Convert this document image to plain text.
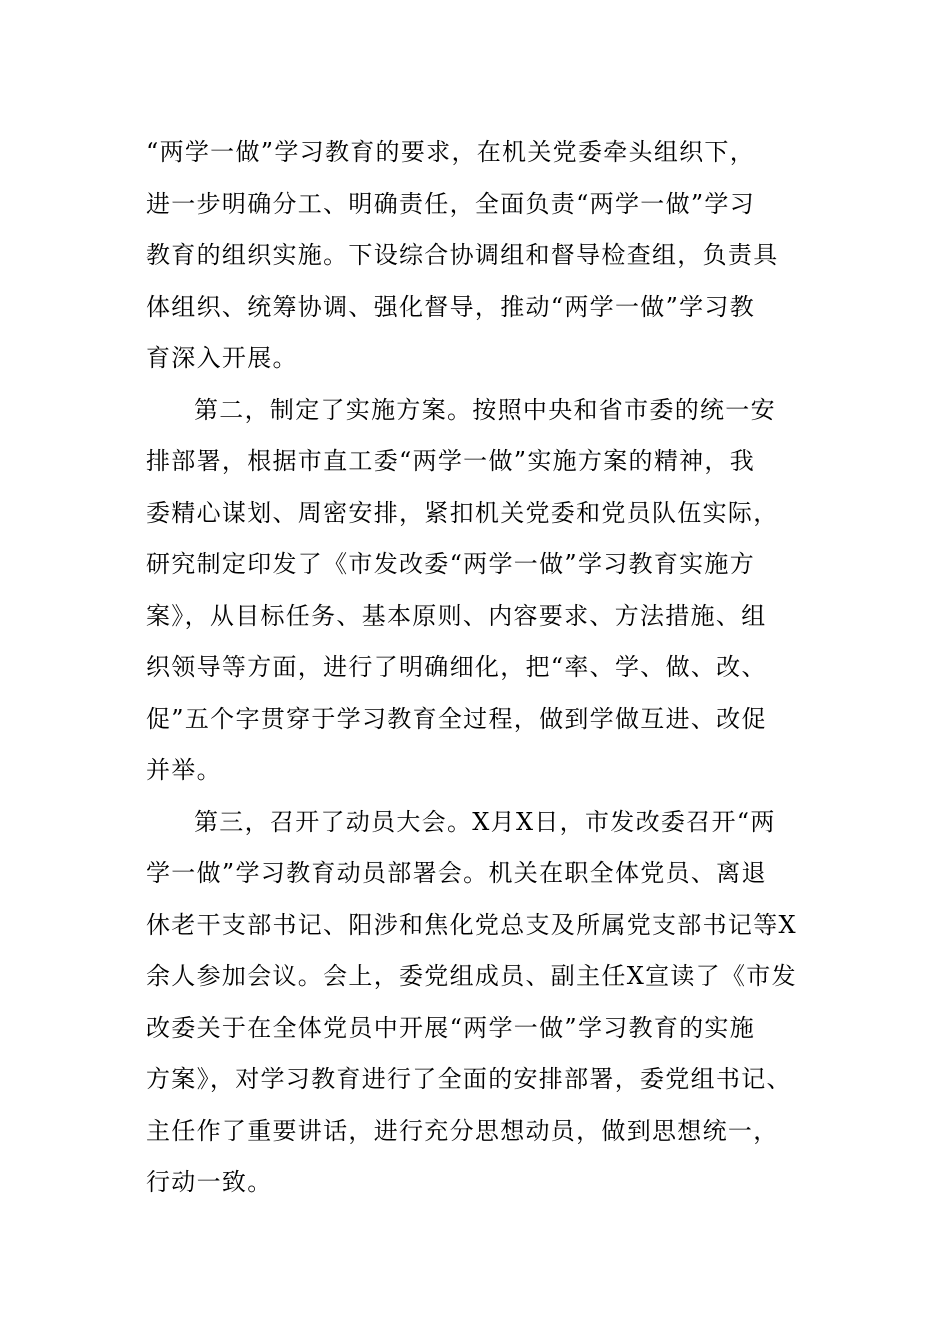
“两学一做”学习教育的要求，在机关党委牵头组织下，
进一步明确分工、明确责任，全面负责“两学一做”学习
教育的组织实施。下设综合协调组和督导检查组，负责具
体组织、统筹协调、强化督导，推动“两学一做”学习教
育深入开展。
第二，制定了实施方案。按照中央和省市委的统一安
排部署，根据市直工委“两学一做”实施方案的精神，我
委精心谋划、周密安排，紧扣机关党委和党员队伍实际，
研究制定印发了《市发改委“两学一做”学习教育实施方
案》，从目标任务、基本原则、内容要求、方法措施、组
织领导等方面，进行了明确细化，把“率、学、做、改、
促”五个字贯穿于学习教育全过程，做到学做互进、改促
并举。
第三，召开了动员大会。X月X日，市发改委召开“两
学一做”学习教育动员部署会。机关在职全体党员、离退
休老干支部书记、阳涉和焦化党总支及所属党支部书记等X
余人参加会议。会上，委党组成员、副主任X宣读了《市发
改委关于在全体党员中开展“两学一做”学习教育的实施
方案》，对学习教育进行了全面的安排部署，委党组书记、
主任作了重要讲话，进行充分思想动员，做到思想统一，
行动一致。
